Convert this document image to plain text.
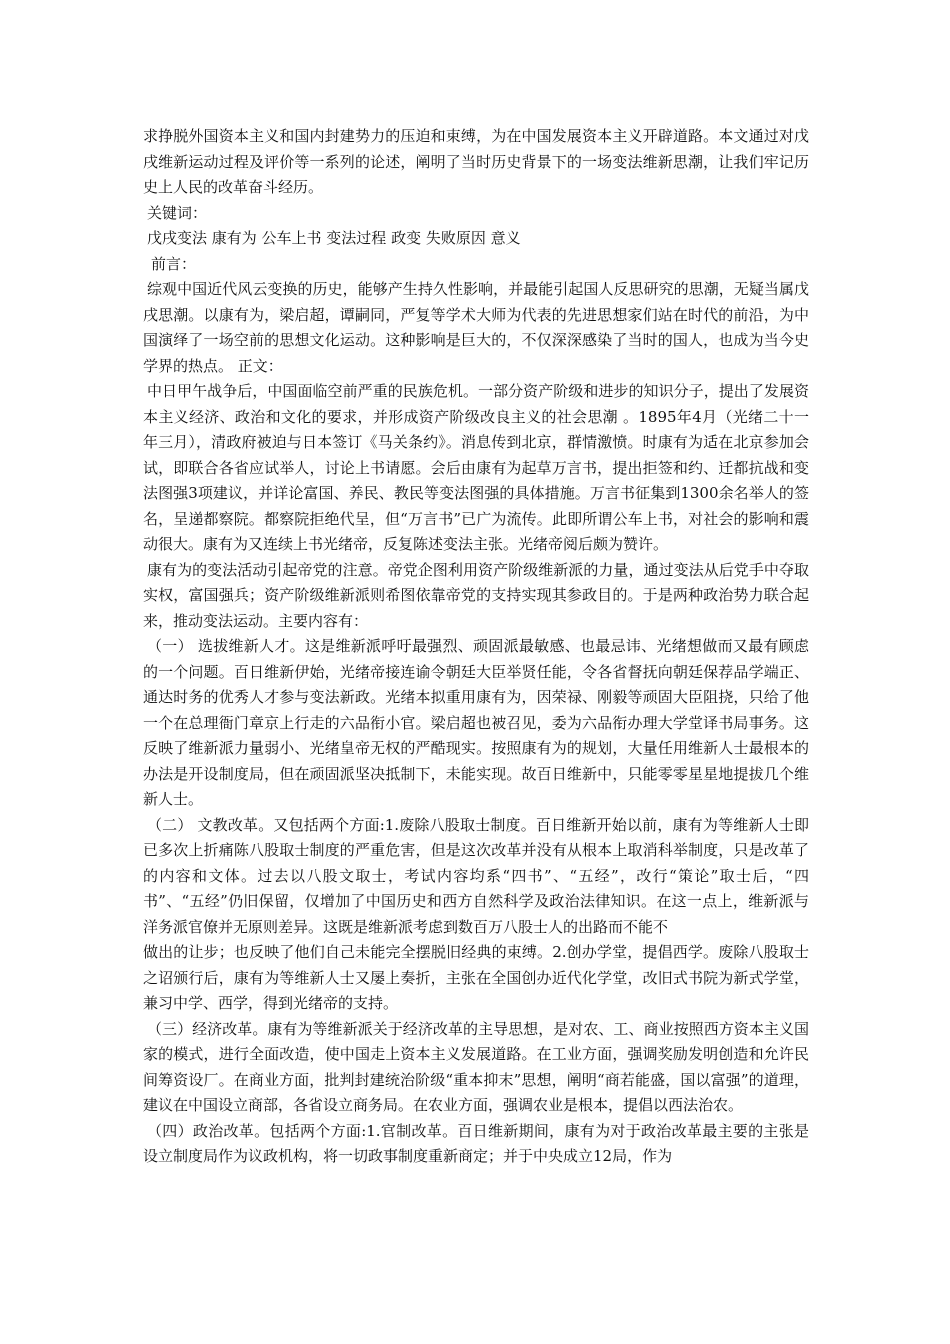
求挣脱外国资本主义和国内封建势力的压迫和束缚，为在中国发展资本主义开辟道路。本文通过对戊戌维新运动过程及评价等一系列的论述，阐明了当时历史背景下的一场变法维新思潮，让我们牢记历史上人民的改革奋斗经历。

关键词：

戊戌变法 康有为 公车上书 变法过程 政变 失败原因 意义

前言：

综观中国近代风云变换的历史，能够产生持久性影响，并最能引起国人反思研究的思潮，无疑当属戊戌思潮。以康有为，梁启超，谭嗣同，严复等学术大师为代表的先进思想家们站在时代的前沿，为中国演绎了一场空前的思想文化运动。这种影响是巨大的，不仅深深感染了当时的国人，也成为当今史学界的热点。 正文：

中日甲午战争后，中国面临空前严重的民族危机。一部分资产阶级和进步的知识分子，提出了发展资本主义经济、政治和文化的要求，并形成资产阶级改良主义的社会思潮 。1895年4月（光绪二十一年三月），清政府被迫与日本签订《马关条约》。消息传到北京，群情激愤。时康有为适在北京参加会试，即联合各省应试举人，讨论上书请愿。会后由康有为起草万言书，提出拒签和约、迁都抗战和变法图强3项建议，并详论富国、养民、教民等变法图强的具体措施。万言书征集到1300余名举人的签名，呈递都察院。都察院拒绝代呈，但“万言书”已广为流传。此即所谓公车上书，对社会的影响和震动很大。康有为又连续上书光绪帝，反复陈述变法主张。光绪帝阅后颇为赞许。

康有为的变法活动引起帝党的注意。帝党企图利用资产阶级维新派的力量，通过变法从后党手中夺取实权，富国强兵；资产阶级维新派则希图依靠帝党的支持实现其参政目的。于是两种政治势力联合起来，推动变法运动。主要内容有：

（一） 选拔维新人才。这是维新派呼吁最强烈、顽固派最敏感、也最忌讳、光绪想做而又最有顾虑的一个问题。百日维新伊始，光绪帝接连谕令朝廷大臣举贤任能，令各省督抚向朝廷保荐品学端正、通达时务的优秀人才参与变法新政。光绪本拟重用康有为，因荣禄、刚毅等顽固大臣阻挠，只给了他一个在总理衙门章京上行走的六品衔小官。梁启超也被召见，委为六品衔办理大学堂译书局事务。这反映了维新派力量弱小、光绪皇帝无权的严酷现实。按照康有为的规划，大量任用维新人士最根本的办法是开设制度局，但在顽固派坚决抵制下，未能实现。故百日维新中，只能零零星星地提拔几个维新人士。

（二） 文教改革。又包括两个方面:1.废除八股取士制度。百日维新开始以前，康有为等维新人士即已多次上折痛陈八股取士制度的严重危害，但是这次改革并没有从根本上取消科举制度，只是改革了的内容和文体。过去以八股文取士，考试内容均系“四书”、“五经”，改行“策论”取士后，“四书”、“五经”仍旧保留，仅增加了中国历史和西方自然科学及政治法律知识。在这一点上，维新派与洋务派官僚并无原则差异。这既是维新派考虑到数百万八股士人的出路而不能不

做出的让步；也反映了他们自己未能完全摆脱旧经典的束缚。2.创办学堂，提倡西学。废除八股取士之诏颁行后，康有为等维新人士又屡上奏折，主张在全国创办近代化学堂，改旧式书院为新式学堂，兼习中学、西学，得到光绪帝的支持。

（三）经济改革。康有为等维新派关于经济改革的主导思想，是对农、工、商业按照西方资本主义国家的模式，进行全面改造，使中国走上资本主义发展道路。在工业方面，强调奖励发明创造和允许民间筹资设厂。在商业方面，批判封建统治阶级“重本抑末”思想，阐明“商若能盛，国以富强”的道理，建议在中国设立商部，各省设立商务局。在农业方面，强调农业是根本，提倡以西法治农。

（四）政治改革。包括两个方面:1.官制改革。百日维新期间，康有为对于政治改革最主要的主张是设立制度局作为议政机构，将一切政事制度重新商定；并于中央成立12局，作为
